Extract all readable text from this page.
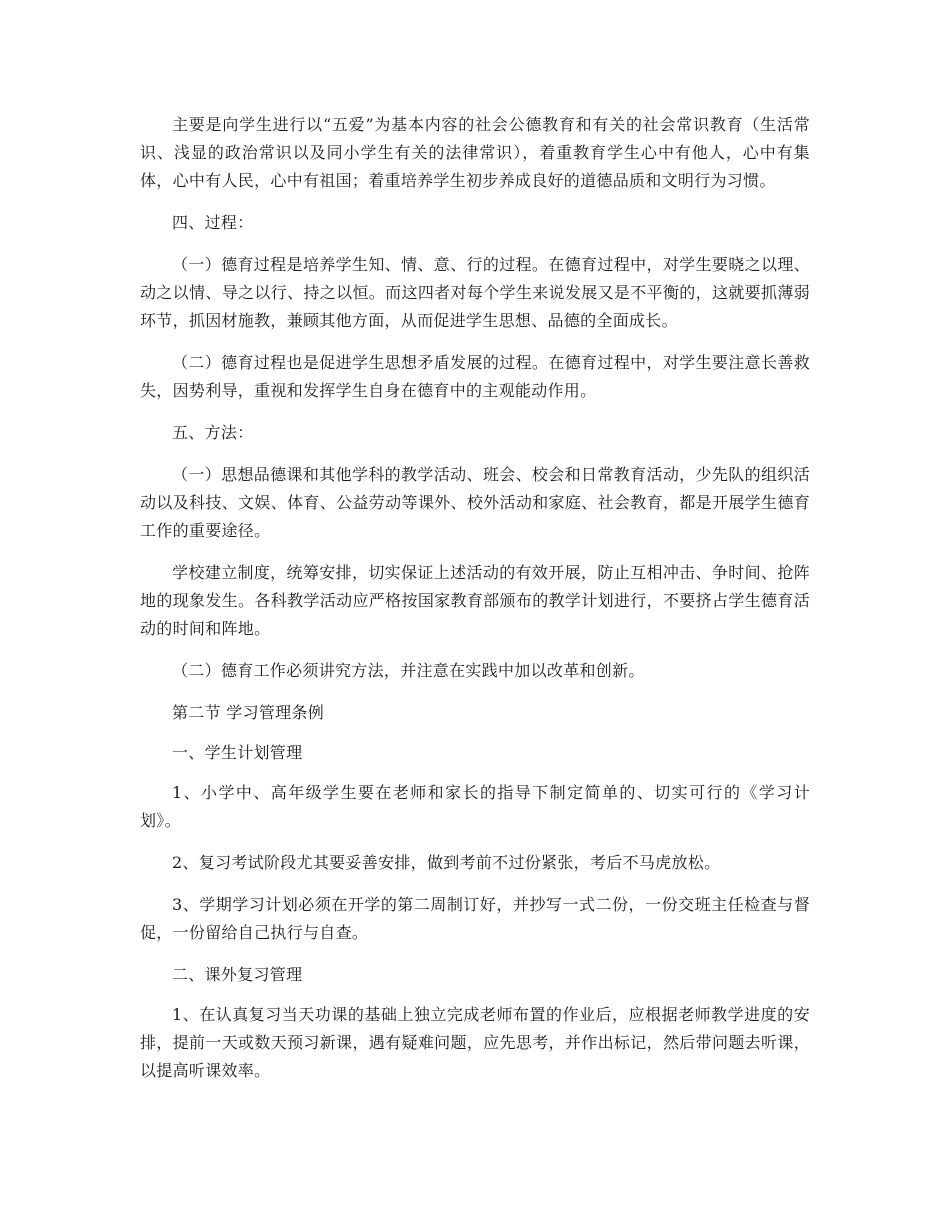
主要是向学生进行以“五爱”为基本内容的社会公德教育和有关的社会常识教育（生活常识、浅显的政治常识以及同小学生有关的法律常识），着重教育学生心中有他人，心中有集体，心中有人民，心中有祖国；着重培养学生初步养成良好的道德品质和文明行为习惯。

四、过程：

（一）德育过程是培养学生知、情、意、行的过程。在德育过程中，对学生要晓之以理、动之以情、导之以行、持之以恒。而这四者对每个学生来说发展又是不平衡的，这就要抓薄弱环节，抓因材施教，兼顾其他方面，从而促进学生思想、品德的全面成长。

（二）德育过程也是促进学生思想矛盾发展的过程。在德育过程中，对学生要注意长善救失，因势利导，重视和发挥学生自身在德育中的主观能动作用。

五、方法：

（一）思想品德课和其他学科的教学活动、班会、校会和日常教育活动，少先队的组织活动以及科技、文娱、体育、公益劳动等课外、校外活动和家庭、社会教育，都是开展学生德育工作的重要途径。

学校建立制度，统筹安排，切实保证上述活动的有效开展，防止互相冲击、争时间、抢阵地的现象发生。各科教学活动应严格按国家教育部颁布的教学计划进行，不要挤占学生德育活动的时间和阵地。

（二）德育工作必须讲究方法，并注意在实践中加以改革和创新。

第二节 学习管理条例

一、学生计划管理

1、小学中、高年级学生要在老师和家长的指导下制定简单的、切实可行的《学习计划》。

2、复习考试阶段尤其要妥善安排，做到考前不过份紧张，考后不马虎放松。

3、学期学习计划必须在开学的第二周制订好，并抄写一式二份，一份交班主任检查与督促，一份留给自己执行与自查。

二、课外复习管理

1、在认真复习当天功课的基础上独立完成老师布置的作业后，应根据老师教学进度的安排，提前一天或数天预习新课，遇有疑难问题，应先思考，并作出标记，然后带问题去听课，以提高听课效率。
